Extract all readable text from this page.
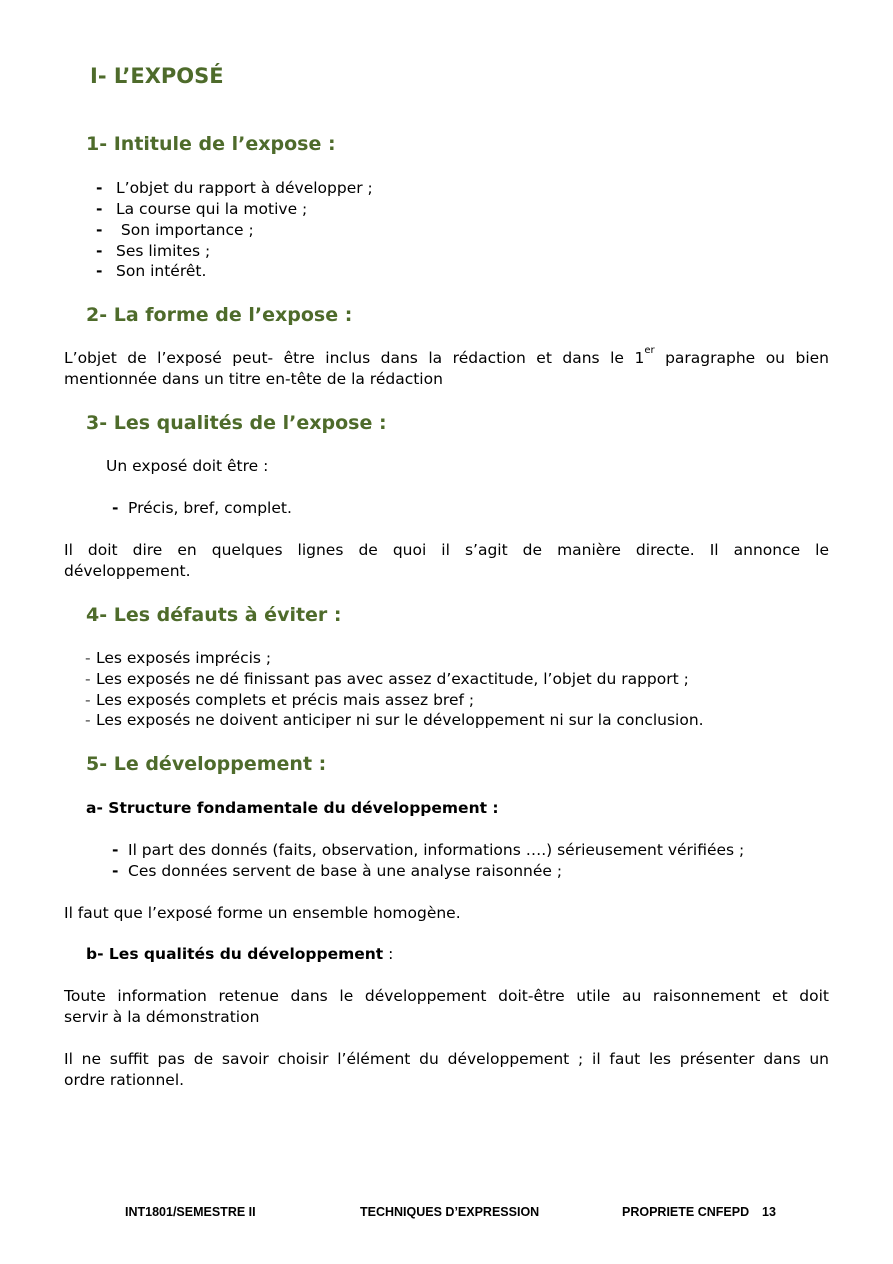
I- L’EXPOSÉ
1- Intitule de l’expose :
- L’objet du rapport à développer ;
- La course qui la motive ;
- Son importance ;
- Ses limites ;
- Son intérêt.
2- La forme de l’expose :
L’objet de l’exposé peut- être inclus dans la rédaction et dans le 1er paragraphe ou bien
mentionnée dans un titre en-tête de la rédaction
3- Les qualités de l’expose :
Un exposé doit être :
- Précis, bref, complet.
Il doit dire en quelques lignes de quoi il s’agit de manière directe. Il annonce le
développement.
4- Les défauts à éviter :
- Les exposés imprécis ;
- Les exposés ne dé finissant pas avec assez d’exactitude, l’objet du rapport ;
- Les exposés complets et précis mais assez bref ;
- Les exposés ne doivent anticiper ni sur le développement ni sur la conclusion.
5- Le développement :
a- Structure fondamentale du développement :
- Il part des donnés (faits, observation, informations ….) sérieusement vérifiées ;
- Ces données servent de base à une analyse raisonnée ;
Il faut que l’exposé forme un ensemble homogène.
b- Les qualités du développement :
Toute information retenue dans le développement doit-être utile au raisonnement et doit
servir à la démonstration
Il ne suffit pas de savoir choisir l’élément du développement ; il faut les présenter dans un
ordre rationnel.
INT1801/SEMESTRE II	TECHNIQUES D’EXPRESSION	PROPRIETE CNFEPD 13
